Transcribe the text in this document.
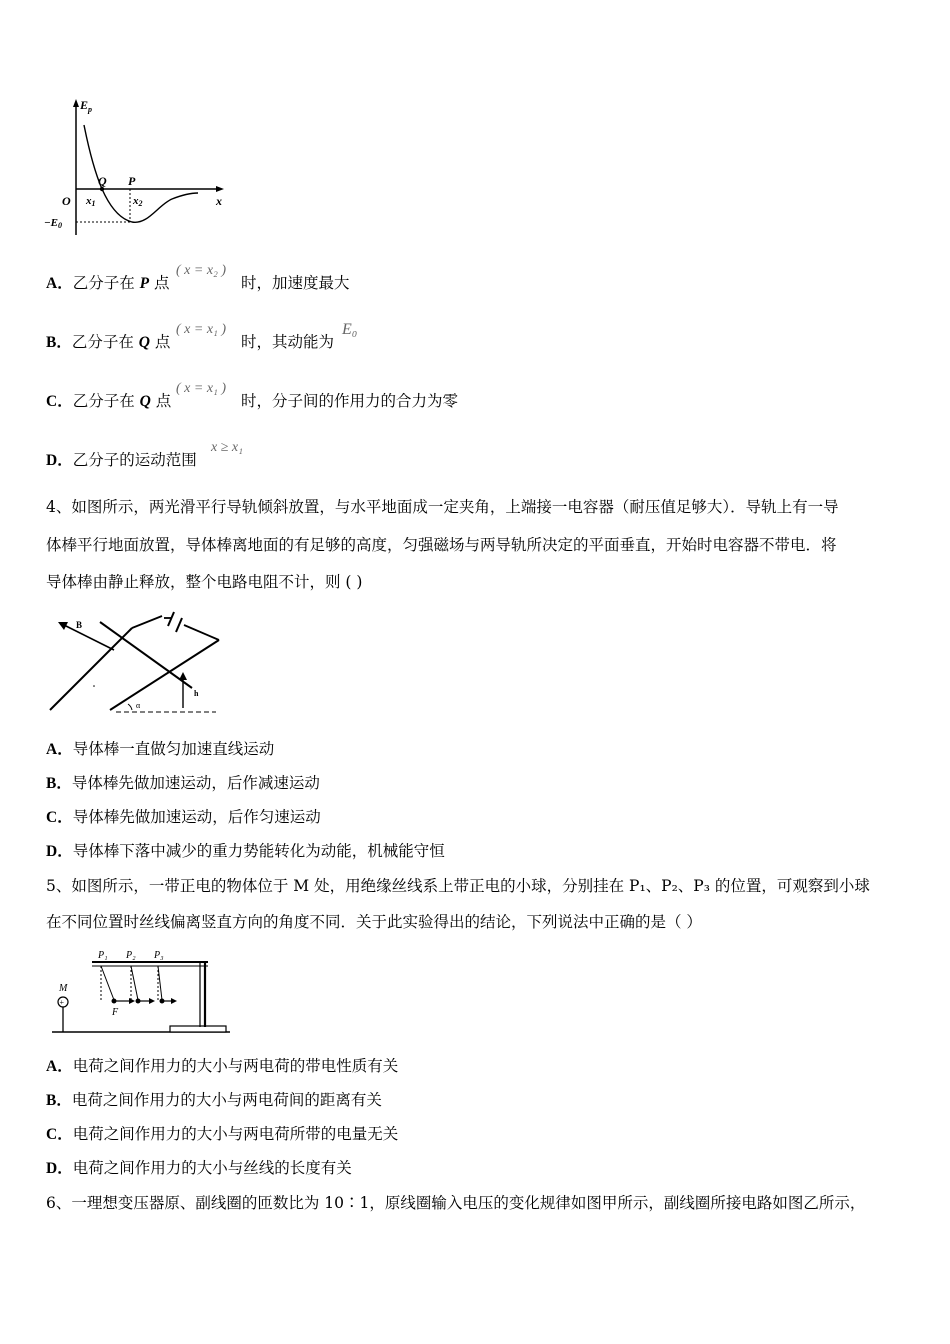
$E_p$
x
O
Q P
x1	x2
−E0
A．乙分子在 P 点
( x = x₂ )
时，加速度最大
B．乙分子在 Q 点
( x = x₁ )
时，其动能为
E₀
C．乙分子在 Q 点
( x = x₁ )
时，分子间的作用力的合力为零
D．乙分子的运动范围
x ≥ x₁
4、如图所示，两光滑平行导轨倾斜放置，与水平地面成一定夹角，上端接一电容器（耐压值足够大）．导轨上有一导
体棒平行地面放置，导体棒离地面的有足够的高度，匀强磁场与两导轨所决定的平面垂直，开始时电容器不带电．将
导体棒由静止释放，整个电路电阻不计，则 ( )
B
h
α
A．导体棒一直做匀加速直线运动
B．导体棒先做加速运动，后作减速运动
C．导体棒先做加速运动，后作匀速运动
D．导体棒下落中减少的重力势能转化为动能，机械能守恒
5、如图所示，一带正电的物体位于 M 处，用绝缘丝线系上带正电的小球，分别挂在 P₁、P₂、P₃ 的位置，可观察到小球
在不同位置时丝线偏离竖直方向的角度不同．关于此实验得出的结论，下列说法中正确的是（ ）
+
M
P₁ P₂ P₃
F
A．电荷之间作用力的大小与两电荷的带电性质有关
B．电荷之间作用力的大小与两电荷间的距离有关
C．电荷之间作用力的大小与两电荷所带的电量无关
D．电荷之间作用力的大小与丝线的长度有关
6、一理想变压器原、副线圈的匝数比为 10∶1，原线圈输入电压的变化规律如图甲所示，副线圈所接电路如图乙所示，
